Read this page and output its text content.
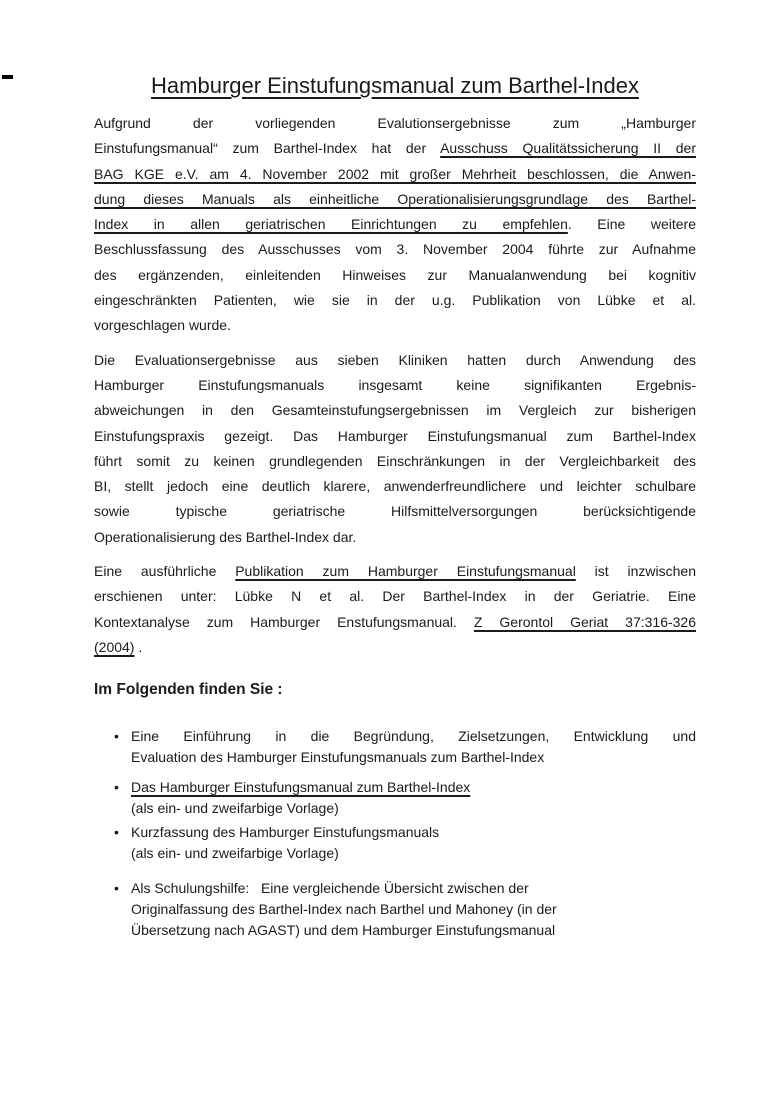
Hamburger Einstufungsmanual zum Barthel-Index
Aufgrund der vorliegenden Evalutionsergebnisse zum „Hamburger
Einstufungsmanual“ zum Barthel-Index hat der Ausschuss Qualitätssicherung II der
BAG KGE e.V. am 4. November 2002 mit großer Mehrheit beschlossen, die Anwen-
dung dieses Manuals als einheitliche Operationalisierungsgrundlage des Barthel-
Index in allen geriatrischen Einrichtungen zu empfehlen. Eine weitere
Beschlussfassung des Ausschusses vom 3. November 2004 führte zur Aufnahme
des ergänzenden, einleitenden Hinweises zur Manualanwendung bei kognitiv
eingeschränkten Patienten, wie sie in der u.g. Publikation von Lübke et al.
vorgeschlagen wurde.
Die Evaluationsergebnisse aus sieben Kliniken hatten durch Anwendung des
Hamburger Einstufungsmanuals insgesamt keine signifikanten Ergebnis-
abweichungen in den Gesamteinstufungsergebnissen im Vergleich zur bisherigen
Einstufungspraxis gezeigt. Das Hamburger Einstufungsmanual zum Barthel-Index
führt somit zu keinen grundlegenden Einschränkungen in der Vergleichbarkeit des
BI, stellt jedoch eine deutlich klarere, anwenderfreundlichere und leichter schulbare
sowie typische geriatrische Hilfsmittelversorgungen berücksichtigende
Operationalisierung des Barthel-Index dar.
Eine ausführliche Publikation zum Hamburger Einstufungsmanual ist inzwischen
erschienen unter: Lübke N et al. Der Barthel-Index in der Geriatrie. Eine
Kontextanalyse zum Hamburger Enstufungsmanual. Z Gerontol Geriat 37:316-326
(2004) .
Im Folgenden finden Sie :
• Eine Einführung in die Begründung, Zielsetzungen, Entwicklung und
Evaluation des Hamburger Einstufungsmanuals zum Barthel-Index
• Das Hamburger Einstufungsmanual zum Barthel-Index
(als ein- und zweifarbige Vorlage)
• Kurzfassung des Hamburger Einstufungsmanuals
(als ein- und zweifarbige Vorlage)
• Als Schulungshilfe:   Eine vergleichende Übersicht zwischen der
Originalfassung des Barthel-Index nach Barthel und Mahoney (in der
Übersetzung nach AGAST) und dem Hamburger Einstufungsmanual
